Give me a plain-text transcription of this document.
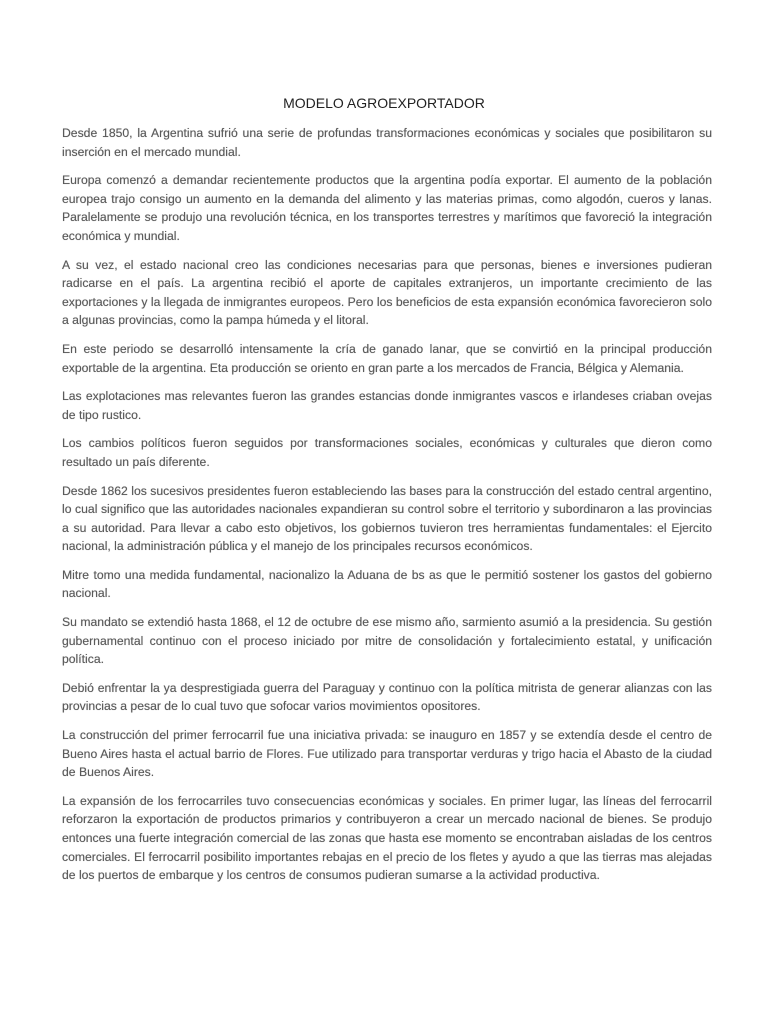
MODELO AGROEXPORTADOR

Desde 1850, la Argentina sufrió una serie de profundas transformaciones económicas y sociales que posibilitaron su inserción en el mercado mundial.

Europa comenzó a demandar recientemente productos que la argentina podía exportar. El aumento de la población europea trajo consigo un aumento en la demanda del alimento y las materias primas, como algodón, cueros y lanas. Paralelamente se produjo una revolución técnica, en los transportes terrestres y marítimos que favoreció la integración económica y mundial.

A su vez, el estado nacional creo las condiciones necesarias para que personas, bienes e inversiones pudieran radicarse en el país. La argentina recibió el aporte de capitales extranjeros, un importante crecimiento de las exportaciones y la llegada de inmigrantes europeos. Pero los beneficios de esta expansión económica favorecieron solo a algunas provincias, como la pampa húmeda y el litoral.

En este periodo se desarrolló intensamente la cría de ganado lanar, que se convirtió en la principal producción exportable de la argentina. Eta producción se oriento en gran parte a los mercados de Francia, Bélgica y Alemania.

Las explotaciones mas relevantes fueron las grandes estancias donde inmigrantes vascos e irlandeses criaban ovejas de tipo rustico.

Los cambios políticos fueron seguidos por transformaciones sociales, económicas y culturales que dieron como resultado un país diferente.

Desde 1862 los sucesivos presidentes fueron estableciendo las bases para la construcción del estado central argentino, lo cual significo que las autoridades nacionales expandieran su control sobre el territorio y subordinaron a las provincias a su autoridad. Para llevar a cabo esto objetivos, los gobiernos tuvieron tres herramientas fundamentales: el Ejercito nacional, la administración pública y el manejo de los principales recursos económicos.

Mitre tomo una medida fundamental, nacionalizo la Aduana de bs as que le permitió sostener los gastos del gobierno nacional.

Su mandato se extendió hasta 1868, el 12 de octubre de ese mismo año, sarmiento asumió a la presidencia. Su gestión gubernamental continuo con el proceso iniciado por mitre de consolidación y fortalecimiento estatal, y unificación política.

Debió enfrentar la ya desprestigiada guerra del Paraguay y continuo con la política mitrista de generar alianzas con las provincias a pesar de lo cual tuvo que sofocar varios movimientos opositores.

La construcción del primer ferrocarril fue una iniciativa privada: se inauguro en 1857 y se extendía desde el centro de Bueno Aires hasta el actual barrio de Flores. Fue utilizado para transportar verduras y trigo hacia el Abasto de la ciudad de Buenos Aires.

La expansión de los ferrocarriles tuvo consecuencias económicas y sociales. En primer lugar, las líneas del ferrocarril reforzaron la exportación de productos primarios y contribuyeron a crear un mercado nacional de bienes. Se produjo entonces una fuerte integración comercial de las zonas que hasta ese momento se encontraban aisladas de los centros comerciales. El ferrocarril posibilito importantes rebajas en el precio de los fletes y ayudo a que las tierras mas alejadas de los puertos de embarque y los centros de consumos pudieran sumarse a la actividad productiva.
